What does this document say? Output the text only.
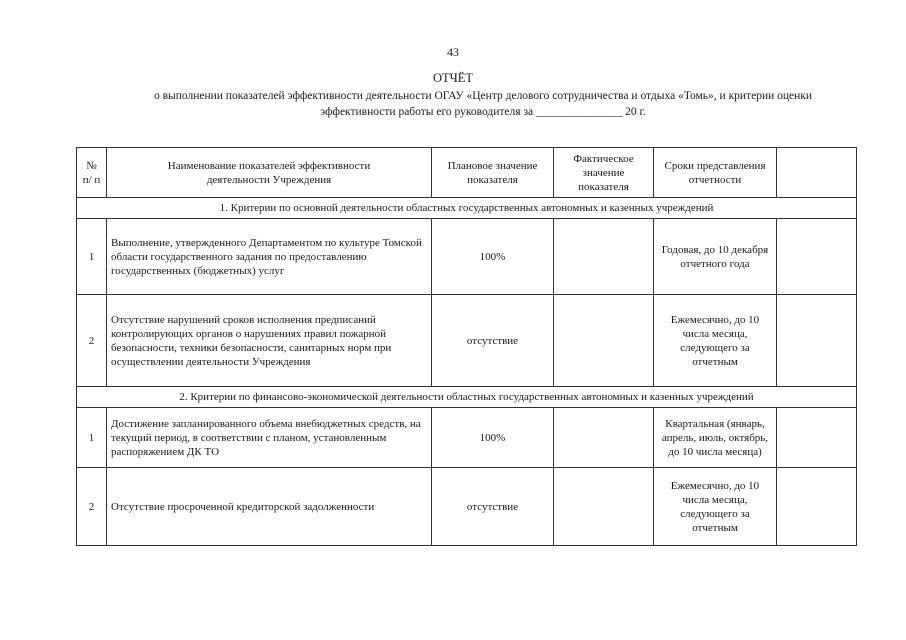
43
ОТЧЁТ
о выполнении показателей эффективности деятельности ОГАУ «Центр делового сотрудничества и отдыха «Томь», и критерии оценки
эффективности работы его руководителя за _______________ 20 г.
№ п/ п	Наименование показателей эффективности деятельности Учреждения	Плановое значение показателя	Фактическое значение показателя	Сроки представления отчетности	
1. Критерии по основной деятельности областных государственных автономных и казенных учреждений					
1	Выполнение, утвержденного Департаментом по культуре Томской области государственного задания по предоставлению государственных (бюджетных) услуг	100%		Годовая, до 10 декабря отчетного года	
2	Отсутствие нарушений сроков исполнения предписаний контролирующих органов о нарушениях правил пожарной безопасности, техники безопасности, санитарных норм при осуществлении деятельности Учреждения	отсутствие		Ежемесячно, до 10 числа месяца, следующего за отчетным	
2. Критерии по финансово-экономической деятельности областных государственных автономных и казенных учреждений					
1	Достижение запланированного объема внебюджетных средств, на текущий период, в соответствии с планом, установленным распоряжением ДК ТО	100%		Квартальная (январь, апрель, июль, октябрь, до 10 числа месяца)	
2	Отсутствие просроченной кредиторской задолженности	отсутствие		Ежемесячно, до 10 числа месяца, следующего за отчетным	
